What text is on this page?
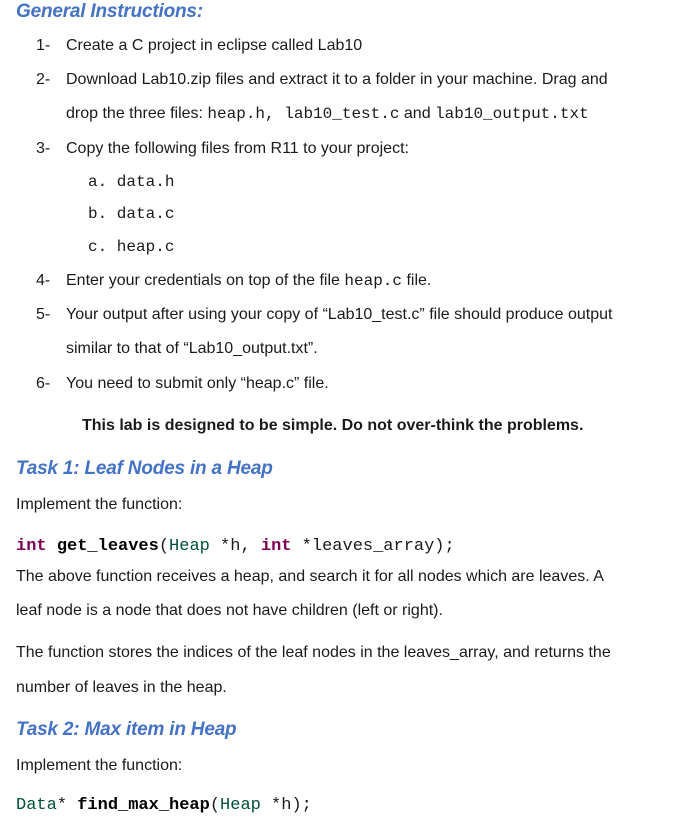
General Instructions:
1- Create a C project in eclipse called Lab10
2- Download Lab10.zip files and extract it to a folder in your machine. Drag and
drop the three files: heap.h, lab10_test.c and lab10_output.txt
3- Copy the following files from R11 to your project:
a. data.h
b. data.c
c. heap.c
4- Enter your credentials on top of the file heap.c file.
5- Your output after using your copy of “Lab10_test.c” file should produce output
similar to that of “Lab10_output.txt”.
6- You need to submit only “heap.c” file.
This lab is designed to be simple. Do not over-think the problems.
Task 1: Leaf Nodes in a Heap
Implement the function:
int get_leaves(Heap *h, int *leaves_array);
The above function receives a heap, and search it for all nodes which are leaves. A
leaf node is a node that does not have children (left or right).
The function stores the indices of the leaf nodes in the leaves_array, and returns the
number of leaves in the heap.
Task 2: Max item in Heap
Implement the function:
Data* find_max_heap(Heap *h);
